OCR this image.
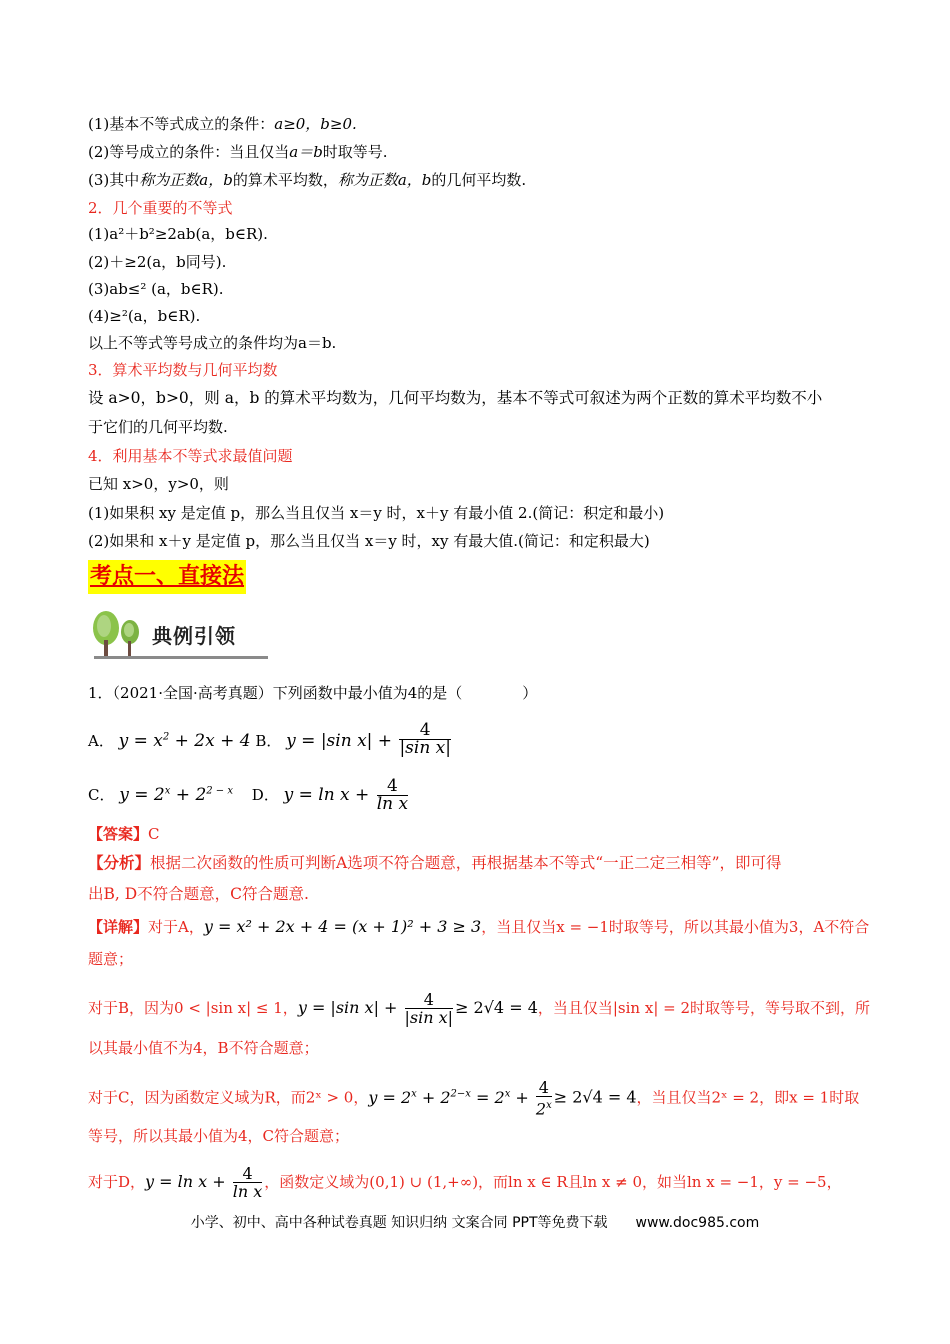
(1)基本不等式成立的条件：a≥0，b≥0.
(2)等号成立的条件：当且仅当a＝b时取等号.
(3)其中称为正数a，b的算术平均数，称为正数a，b的几何平均数.
2．几个重要的不等式
(1)a²＋b²≥2ab(a，b∈R).
(2)＋≥2(a，b同号).
(3)ab≤² (a，b∈R).
(4)≥²(a，b∈R).
以上不等式等号成立的条件均为a＝b.
3．算术平均数与几何平均数
设 a>0，b>0，则 a，b 的算术平均数为，几何平均数为，基本不等式可叙述为两个正数的算术平均数不小
于它们的几何平均数.
4．利用基本不等式求最值问题
已知 x>0，y>0，则
(1)如果积 xy 是定值 p，那么当且仅当 x＝y 时，x＋y 有最小值 2.(简记：积定和最小)
(2)如果和 x＋y 是定值 p，那么当且仅当 x＝y 时，xy 有最大值.(简记：和定积最大)
考点一、直接法
典例引领
1．（2021·全国·高考真题）下列函数中最小值为4的是（　　　　）
A． $y = x^2 + 2x + 4$ B． y = |sin $x| + \frac{4}{\text{|sin x|}}$
C． $y = 2^x + 2^{2 - x}$ D． $y = \ln x + \frac{4}{\text{ln x}}$
【答案】C
【分析】根据二次函数的性质可判断A选项不符合题意，再根据基本不等式“一正二定三相等”，即可得
出B, D不符合题意，C符合题意.
【详解】对于A，y = x² + 2x + 4 = (x + 1)² + 3 ≥ 3，当且仅当x = −1时取等号，所以其最小值为3，A不符合
题意；
对于B，因为0 < |sin x| ≤ 1，y = |sin $x| + \frac{4}{\text{|sin x|}} \ge 2√4 = 4$，当且仅当|sin x| = 2时取等号，等号取不到，所
以其最小值不为4，B不符合题意；
对于C，因为函数定义域为R，而2ˣ > 0，$y = 2^x + 2^{2-x} = 2^x + \frac{4}{2^x} \ge 2√4 = 4$，当且仅当2ˣ = 2，即x = 1时取
等号，所以其最小值为4，C符合题意；
对于D，$y = \ln x + \frac{4}{\text{ln x}}$ ，函数定义域为(0,1) ∪ (1,+∞)，而ln x ∈ R且ln x ≠ 0，如当ln x = −1，y = −5，
小学、初中、高中各种试卷真题 知识归纳 文案合同 PPT等免费下载 www.doc985.com
